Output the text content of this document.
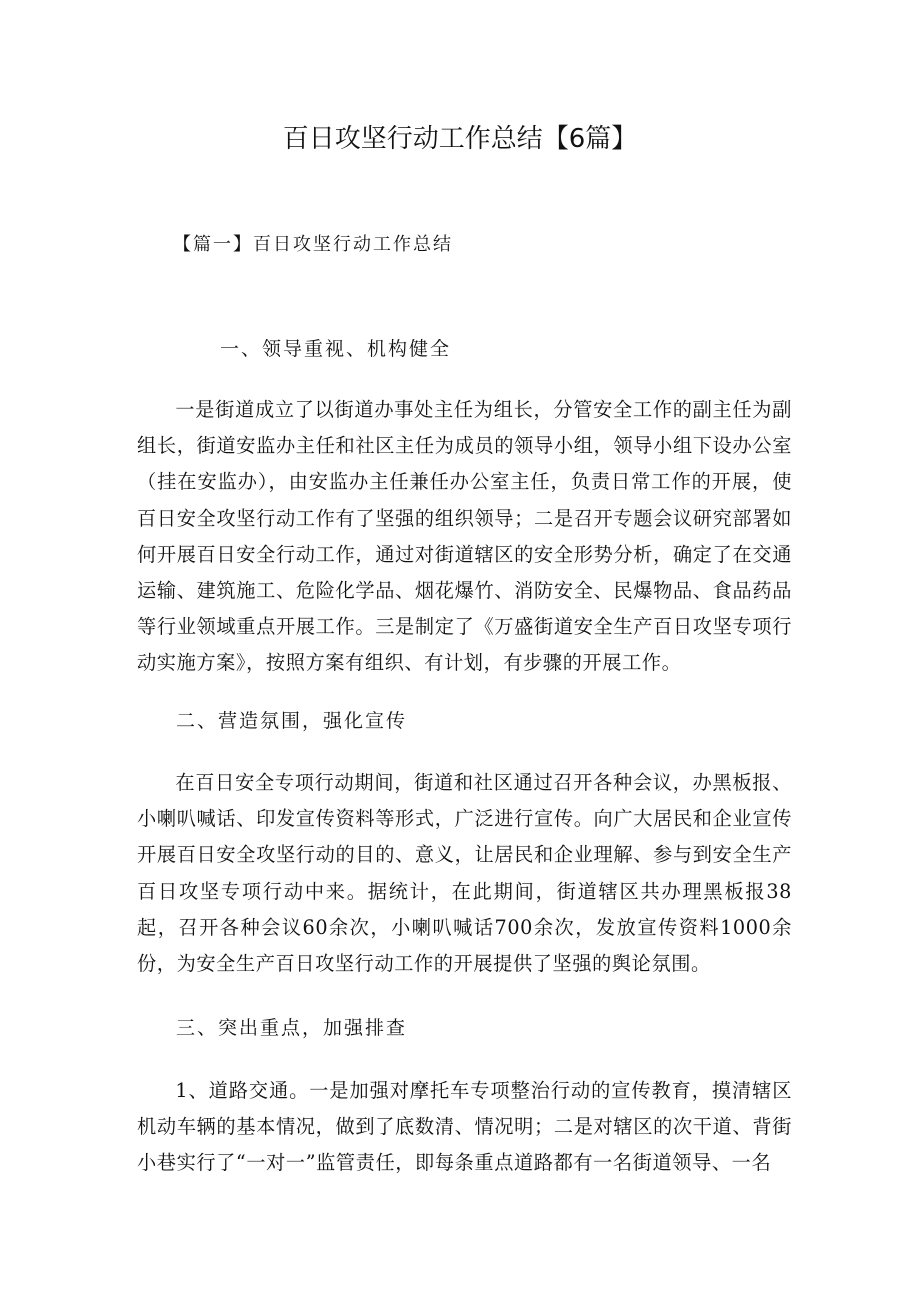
百日攻坚行动工作总结【6篇】
【篇一】百日攻坚行动工作总结
一、领导重视、机构健全
一是街道成立了以街道办事处主任为组长，分管安全工作的副主任为副组长，街道安监办主任和社区主任为成员的领导小组，领导小组下设办公室（挂在安监办），由安监办主任兼任办公室主任，负责日常工作的开展，使百日安全攻坚行动工作有了坚强的组织领导；二是召开专题会议研究部署如何开展百日安全行动工作，通过对街道辖区的安全形势分析，确定了在交通运输、建筑施工、危险化学品、烟花爆竹、消防安全、民爆物品、食品药品等行业领域重点开展工作。三是制定了《万盛街道安全生产百日攻坚专项行动实施方案》，按照方案有组织、有计划，有步骤的开展工作。
二、营造氛围，强化宣传
在百日安全专项行动期间，街道和社区通过召开各种会议，办黑板报、小喇叭喊话、印发宣传资料等形式，广泛进行宣传。向广大居民和企业宣传开展百日安全攻坚行动的目的、意义，让居民和企业理解、参与到安全生产百日攻坚专项行动中来。据统计，在此期间，街道辖区共办理黑板报38起，召开各种会议60余次，小喇叭喊话700余次，发放宣传资料1000余份，为安全生产百日攻坚行动工作的开展提供了坚强的舆论氛围。
三、突出重点，加强排查
1、道路交通。一是加强对摩托车专项整治行动的宣传教育，摸清辖区机动车辆的基本情况，做到了底数清、情况明；二是对辖区的次干道、背街小巷实行了“一对一”监管责任，即每条重点道路都有一名街道领导、一名
